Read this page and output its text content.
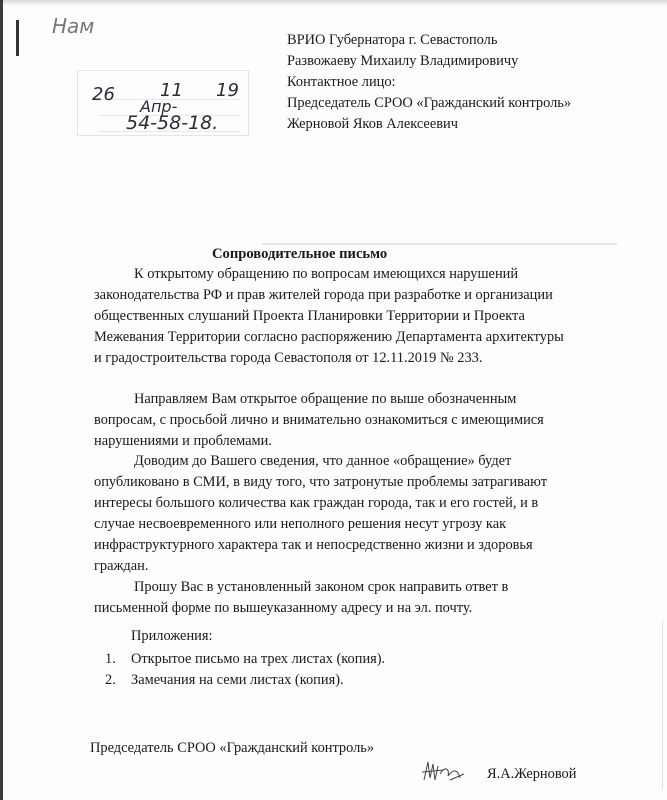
Нам
26	11 19
Апр-
54-58-18.
ВРИО Губернатора г. Севастополь
Развожаеву Михаилу Владимировичу
Контактное лицо:
Председатель СРОО «Гражданский контроль»
Жерновой Яков Алексеевич
Сопроводительное письмо

К открытому обращению по вопросам имеющихся нарушений

законодательства РФ и прав жителей города при разработке и организации

общественных слушаний Проекта Планировки Территории и Проекта

Межевания Территории согласно распоряжению Департамента архитектуры

и градостроительства города Севастополя от 12.11.2019 № 233.

Направляем Вам открытое обращение по выше обозначенным

вопросам, с просьбой лично и внимательно ознакомиться с имеющимися

нарушениями и проблемами.

Доводим до Вашего сведения, что данное «обращение» будет

опубликовано в СМИ, в виду того, что затронутые проблемы затрагивают

интересы большого количества как граждан города, так и его гостей, и в

случае несвоевременного или неполного решения несут угрозу как

инфраструктурного характера так и непосредственно жизни и здоровья

граждан.

Прошу Вас в установленный законом срок направить ответ в

письменной форме по вышеуказанному адресу и на эл. почту.

Приложения:
1. Открытое письмо на трех листах (копия).
2. Замечания на семи листах (копия).
Председатель СРОО «Гражданский контроль»
Я.А.Жерновой
